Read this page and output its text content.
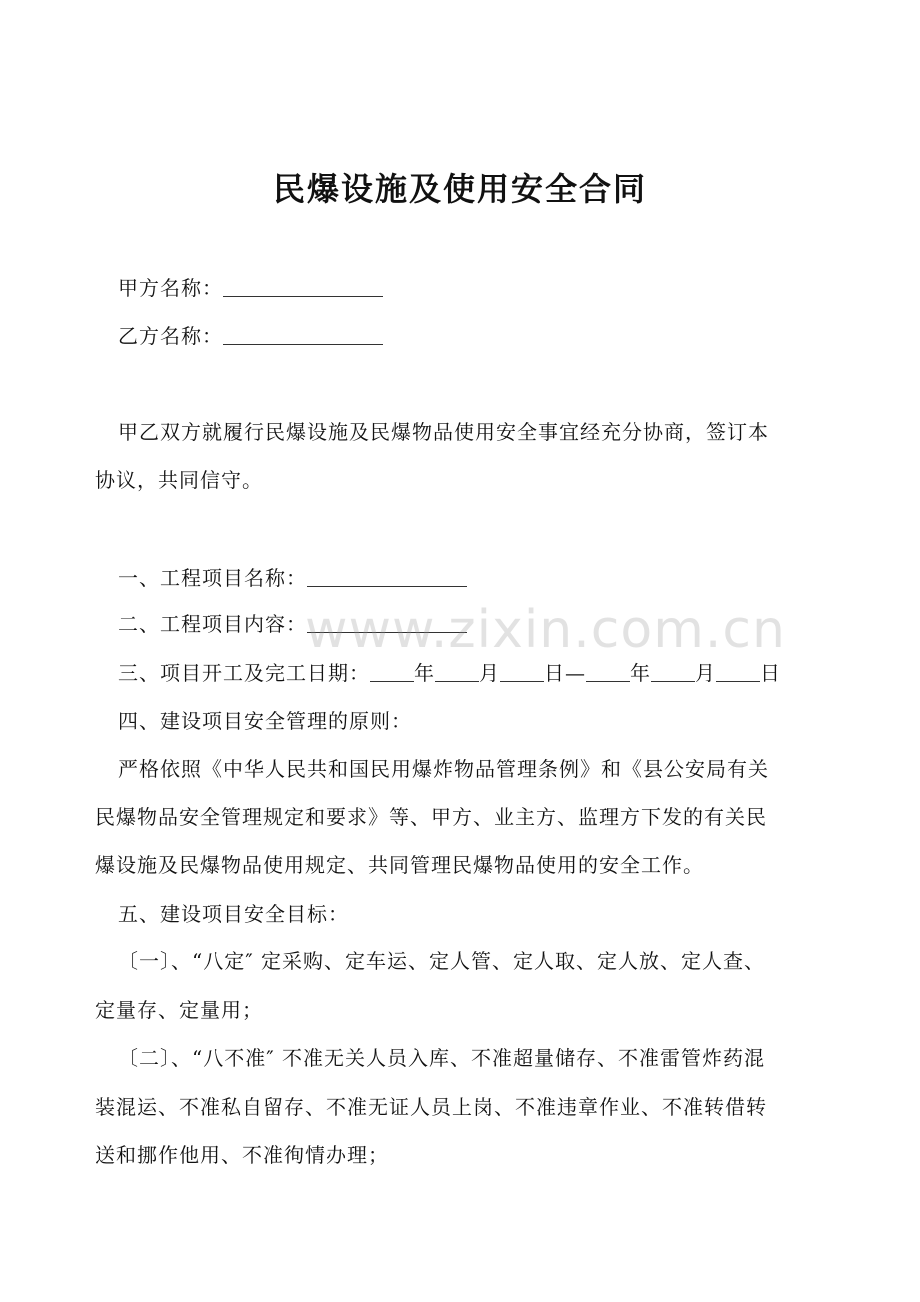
民爆设施及使用安全合同
甲方名称：
乙方名称：
甲乙双方就履行民爆设施及民爆物品使用安全事宜经充分协商，签订本
协议，共同信守。
一、工程项目名称：
二、工程项目内容：
三、项目开工及完工日期： 年 月 日— 年 月 日
四、建设项目安全管理的原则：
严格依照《中华人民共和国民用爆炸物品管理条例》和《县公安局有关
民爆物品安全管理规定和要求》等、甲方、业主方、监理方下发的有关民
爆设施及民爆物品使用规定、共同管理民爆物品使用的安全工作。
五、建设项目安全目标：
〔一〕、“八定″ 定采购、定车运、定人管、定人取、定人放、定人查、
定量存、定量用；
〔二〕、“八不准″ 不准无关人员入库、不准超量储存、不准雷管炸药混
装混运、不准私自留存、不准无证人员上岗、不准违章作业、不准转借转
送和挪作他用、不准徇情办理；
www.zixin.com.cn
